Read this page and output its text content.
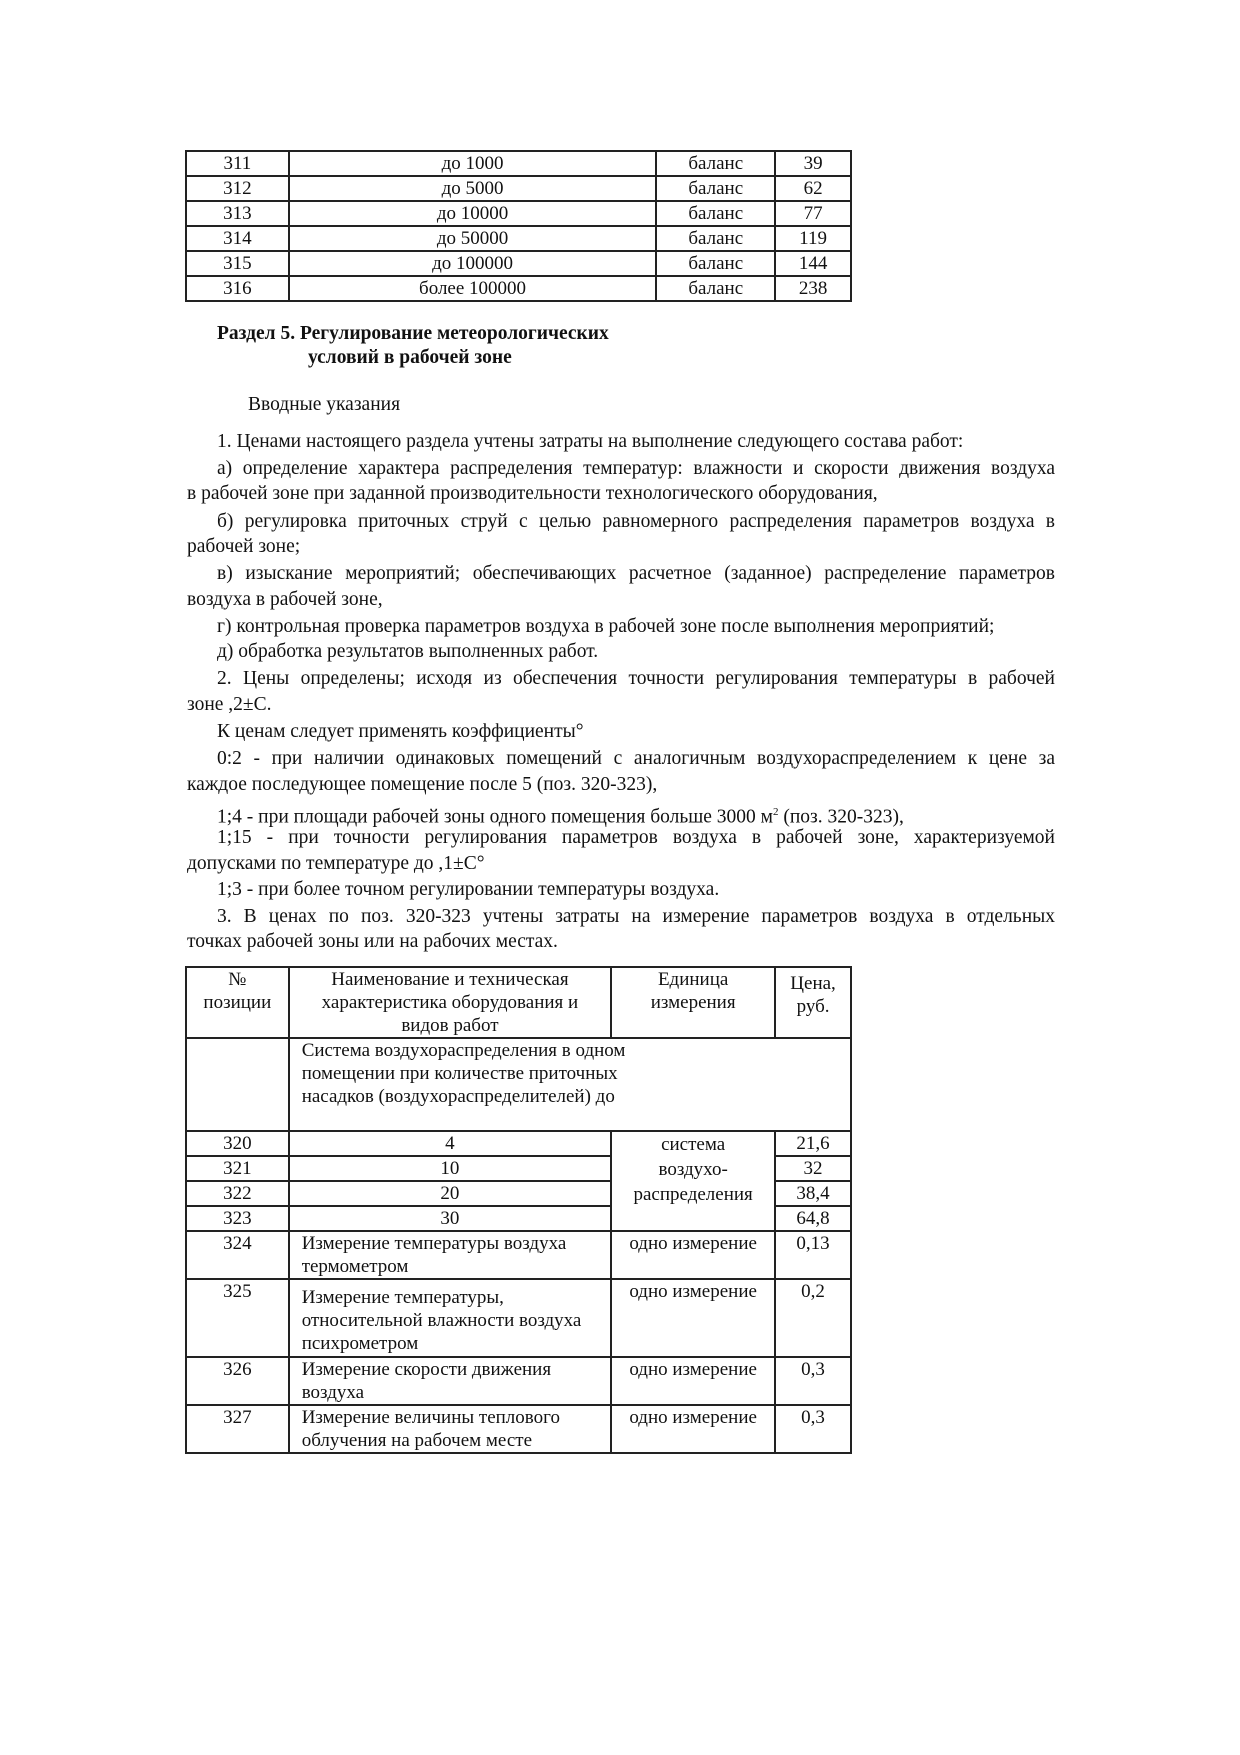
311	до 1000	баланс	39
312	до 5000	баланс	62
313	до 10000	баланс	77
314	до 50000	баланс	119
315	до 100000	баланс	144
316	более 100000	баланс	238
Раздел 5. Регулирование метеорологических
условий в рабочей зоне
Вводные указания
1. Ценами настоящего раздела учтены затраты на выполнение следующего состава работ:
а) определение характера распределения температур: влажности и скорости движения воздуха
в рабочей зоне при заданной производительности технологического оборудования,
б) регулировка приточных струй с целью равномерного распределения параметров воздуха в
рабочей зоне;
в) изыскание мероприятий; обеспечивающих расчетное (заданное) распределение параметров
воздуха в рабочей зоне,
г) контрольная проверка параметров воздуха в рабочей зоне после выполнения мероприятий;
д) обработка результатов выполненных работ.
2. Цены определены; исходя из обеспечения точности регулирования температуры в рабочей
зоне ,2±С.
К ценам следует применять коэффициенты°
0:2 - при наличии одинаковых помещений с аналогичным воздухораспределением к цене за
каждое последующее помещение после 5 (поз. 320-323),
1;4 - при площади рабочей зоны одного помещения больше 3000 $м^2$ (поз. 320-323),
1;15 - при точности регулирования параметров воздуха в рабочей зоне, характеризуемой
допусками по температуре до ,1±С°
1;3 - при более точном регулировании температуры воздуха.
3. В ценах по поз. 320-323 учтены затраты на измерение параметров воздуха в отдельных
точках рабочей зоны или на рабочих местах.
№ позиции	Наименование и техническая характеристика оборудования и видов работ	Единица измерения	Цена, руб.
	Система воздухораспределения в одном помещении при количестве приточных насадков (воздухораспределителей) до		
320	4	система воздухо-распределения	21,6
321	10		32
322	20		38,4
323	30		64,8
324	Измерение температуры воздуха термометром	одно измерение	0,13
325	Измерение температуры, относительной влажности воздуха психрометром	одно измерение	0,2
326	Измерение скорости движения воздуха	одно измерение	0,3
327	Измерение величины теплового облучения на рабочем месте	одно измерение	0,3
